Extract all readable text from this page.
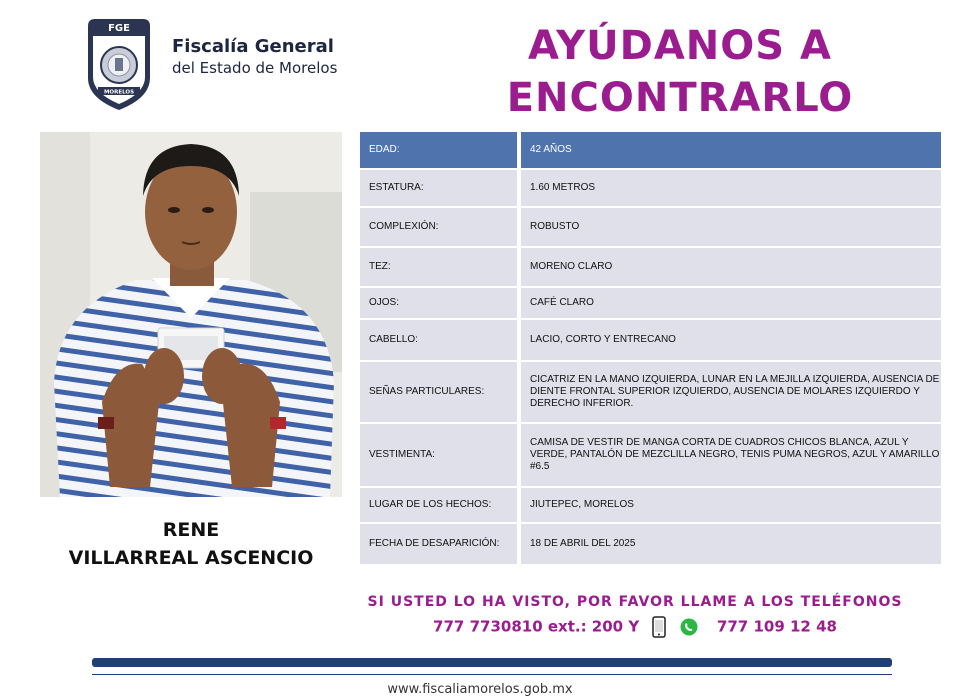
FGE
MORELOS
Fiscalía General
del Estado de Morelos	AYÚDANOS A
ENCONTRARLO
RENE
VILLARREAL ASCENCIO
EDAD:	42 AÑOS
ESTATURA:	1.60 METROS
COMPLEXIÓN:	ROBUSTO
TEZ:	MORENO CLARO
OJOS:	CAFÉ CLARO
CABELLO:	LACIO, CORTO Y ENTRECANO
SEÑAS PARTICULARES:	CICATRIZ EN LA MANO IZQUIERDA, LUNAR EN LA MEJILLA IZQUIERDA, AUSENCIA DE DIENTE FRONTAL SUPERIOR IZQUIERDO, AUSENCIA DE MOLARES IZQUIERDO Y DERECHO INFERIOR.
VESTIMENTA:	CAMISA DE VESTIR DE MANGA CORTA DE CUADROS CHICOS BLANCA, AZUL Y VERDE, PANTALÓN DE MEZCLILLA NEGRO, TENIS PUMA NEGROS, AZUL Y AMARILLO #6.5
LUGAR DE LOS HECHOS:	JIUTEPEC, MORELOS
FECHA DE DESAPARICIÓN:	18 DE ABRIL DEL 2025
SI USTED LO HA VISTO, POR FAVOR LLAME A LOS TELÉFONOS
777 7730810 ext.: 200 Y	777 109 12 48
www.fiscaliamorelos.gob.mx
